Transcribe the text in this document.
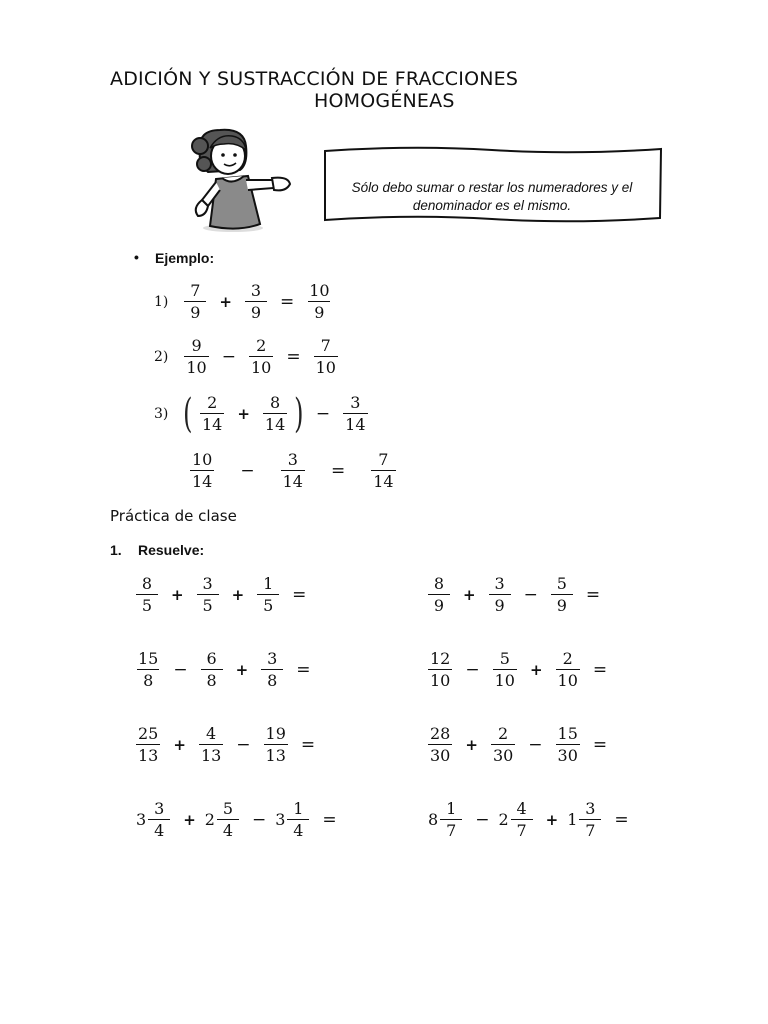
ADICIÓN Y SUSTRACCIÓN DE FRACCIONES
HOMOGÉNEAS
Sólo debo sumar o restar los numeradores y el denominador es el mismo.
• Ejemplo:
$1) \frac{7}{9} + \frac{3}{9} = \frac{10}{9}$
$2) \frac{9}{10} - \frac{2}{10} = \frac{7}{10}$
3) ( $\frac{2}{14} + \frac{8}{14}$ ) − $\frac{3}{14}$
$\frac{10}{14} - \frac{3}{14} = \frac{7}{14}$
Práctica de clase
1. Resuelve:
$\frac{8}{5} + \frac{3}{5} + \frac{1}{5}$ =	$\frac{8}{9} + \frac{3}{9} - \frac{5}{9}$ =
$\frac{15}{8} - \frac{6}{8} + \frac{3}{8}$ =	$\frac{12}{10} - \frac{5}{10} + \frac{2}{10}$ =
$\frac{25}{13} + \frac{4}{13} - \frac{19}{13}$ =	$\frac{28}{30} + \frac{2}{30} - \frac{15}{30}$ =
$3 \frac{3}{4} + 2 \frac{5}{4} - 3 \frac{1}{4}$ =	$8 \frac{1}{7} - 2 \frac{4}{7} + 1 \frac{3}{7}$ =
